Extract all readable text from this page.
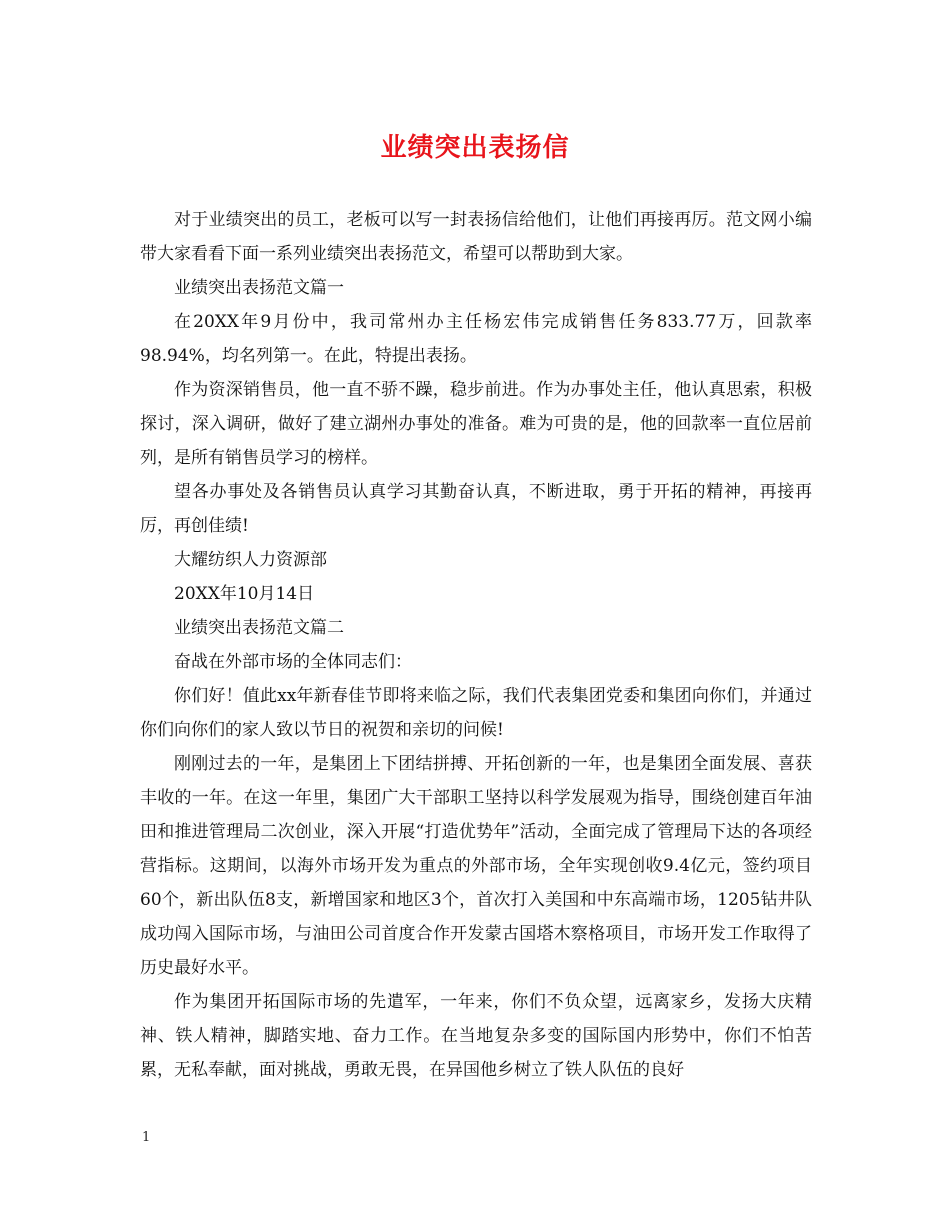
业绩突出表扬信

对于业绩突出的员工，老板可以写一封表扬信给他们，让他们再接再厉。范文网小编带大家看看下面一系列业绩突出表扬范文，希望可以帮助到大家。

业绩突出表扬范文篇一

在20XX年9月份中，我司常州办主任杨宏伟完成销售任务833.77万，回款率98.94%，均名列第一。在此，特提出表扬。

作为资深销售员，他一直不骄不躁，稳步前进。作为办事处主任，他认真思索，积极探讨，深入调研，做好了建立湖州办事处的准备。难为可贵的是，他的回款率一直位居前列，是所有销售员学习的榜样。

望各办事处及各销售员认真学习其勤奋认真，不断进取，勇于开拓的精神，再接再厉，再创佳绩!

大耀纺织人力资源部

20XX年10月14日

业绩突出表扬范文篇二

奋战在外部市场的全体同志们：

你们好！值此xx年新春佳节即将来临之际，我们代表集团党委和集团向你们，并通过你们向你们的家人致以节日的祝贺和亲切的问候!

刚刚过去的一年，是集团上下团结拼搏、开拓创新的一年，也是集团全面发展、喜获丰收的一年。在这一年里，集团广大干部职工坚持以科学发展观为指导，围绕创建百年油田和推进管理局二次创业，深入开展“打造优势年”活动，全面完成了管理局下达的各项经营指标。这期间，以海外市场开发为重点的外部市场，全年实现创收9.4亿元，签约项目60个，新出队伍8支，新增国家和地区3个，首次打入美国和中东高端市场，1205钻井队成功闯入国际市场，与油田公司首度合作开发蒙古国塔木察格项目，市场开发工作取得了历史最好水平。

作为集团开拓国际市场的先遣军，一年来，你们不负众望，远离家乡，发扬大庆精神、铁人精神，脚踏实地、奋力工作。在当地复杂多变的国际国内形势中，你们不怕苦累，无私奉献，面对挑战，勇敢无畏，在异国他乡树立了铁人队伍的良好

1
